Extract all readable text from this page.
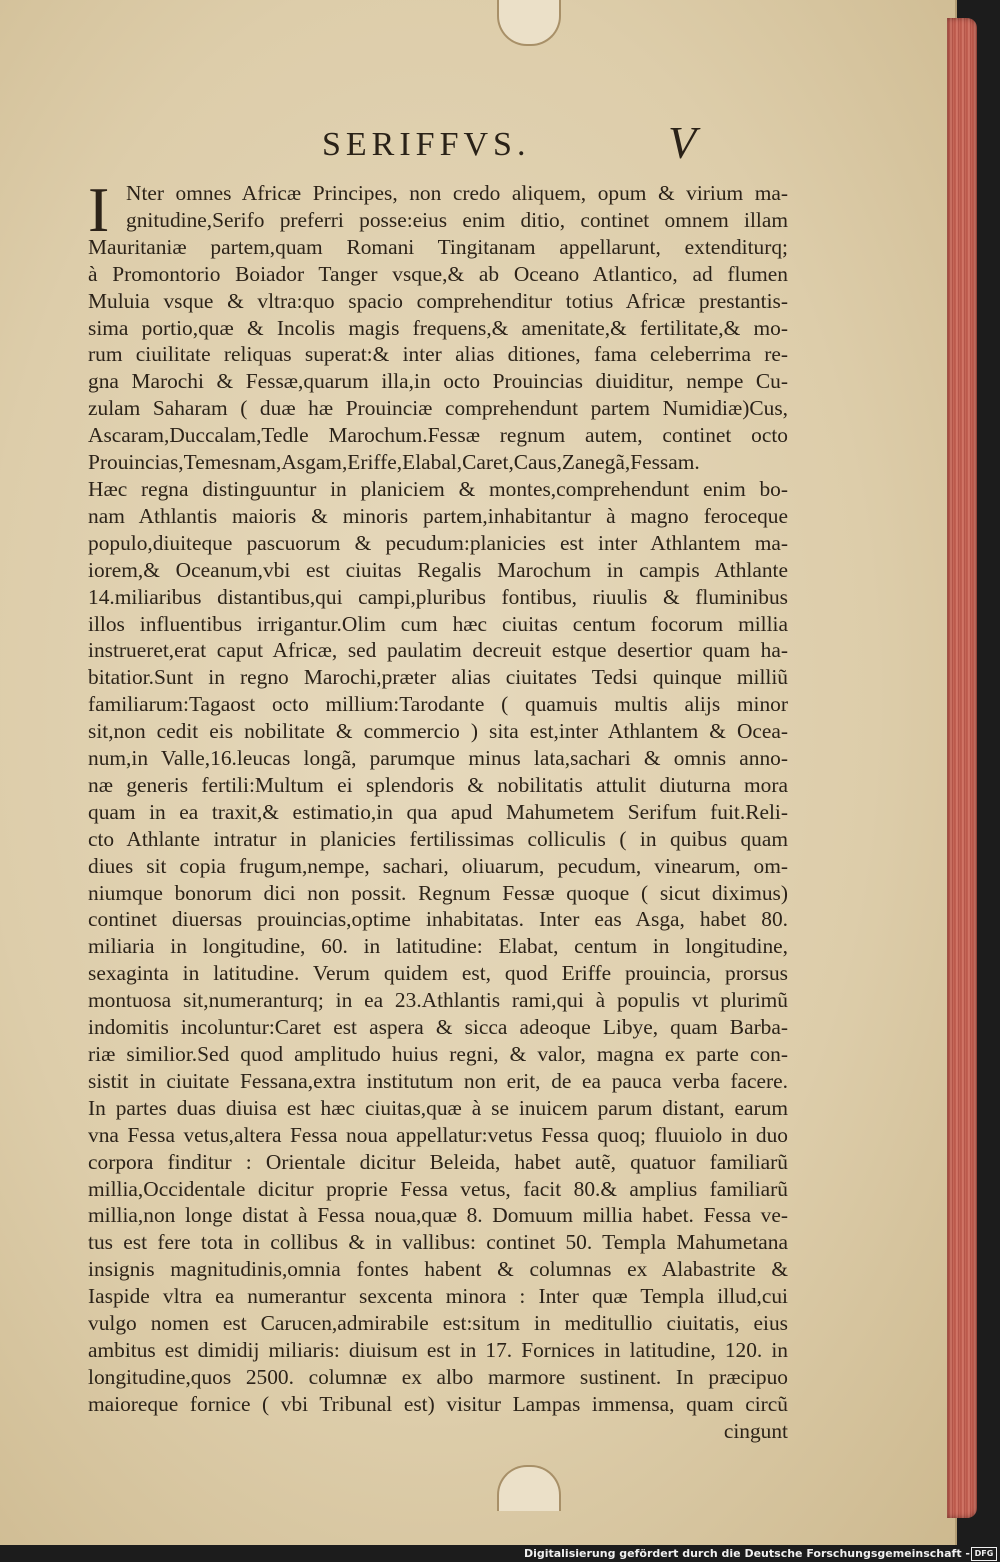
SERIFFVS.	V
I Nter omnes Africæ Principes, non credo aliquem, opum & virium ma-
gnitudine,Serifo preferri posse:eius enim ditio, continet omnem illam
Mauritaniæ partem,quam Romani Tingitanam appellarunt, extenditurq;
à Promontorio Boiador Tanger vsque,& ab Oceano Atlantico, ad flumen
Muluia vsque & vltra:quo spacio comprehenditur totius Africæ prestantis-
sima portio,quæ & Incolis magis frequens,& amenitate,& fertilitate,& mo-
rum ciuilitate reliquas superat:& inter alias ditiones, fama celeberrima re-
gna Marochi & Fessæ,quarum illa,in octo Prouincias diuiditur, nempe Cu-
zulam Saharam ( duæ hæ Prouinciæ comprehendunt partem Numidiæ)Cus,
Ascaram,Duccalam,Tedle Marochum.Fessæ regnum autem, continet octo
Prouincias,Temesnam,Asgam,Eriffe,Elabal,Caret,Caus,Zanegã,Fessam.
Hæc regna distinguuntur in planiciem & montes,comprehendunt enim bo-
nam Athlantis maioris & minoris partem,inhabitantur à magno feroceque
populo,diuiteque pascuorum & pecudum:planicies est inter Athlantem ma-
iorem,& Oceanum,vbi est ciuitas Regalis Marochum in campis Athlante
14.miliaribus distantibus,qui campi,pluribus fontibus, riuulis & fluminibus
illos influentibus irrigantur.Olim cum hæc ciuitas centum focorum millia
instrueret,erat caput Africæ, sed paulatim decreuit estque desertior quam ha-
bitatior.Sunt in regno Marochi,præter alias ciuitates Tedsi quinque milliũ
familiarum:Tagaost octo millium:Tarodante ( quamuis multis alijs minor
sit,non cedit eis nobilitate & commercio ) sita est,inter Athlantem & Ocea-
num,in Valle,16.leucas longã, parumque minus lata,sachari & omnis anno-
næ generis fertili:Multum ei splendoris & nobilitatis attulit diuturna mora
quam in ea traxit,& estimatio,in qua apud Mahumetem Serifum fuit.Reli-
cto Athlante intratur in planicies fertilissimas colliculis ( in quibus quam
diues sit copia frugum,nempe, sachari, oliuarum, pecudum, vinearum, om-
niumque bonorum dici non possit. Regnum Fessæ quoque ( sicut diximus)
continet diuersas prouincias,optime inhabitatas. Inter eas Asga, habet 80.
miliaria in longitudine, 60. in latitudine: Elabat, centum in longitudine,
sexaginta in latitudine. Verum quidem est, quod Eriffe prouincia, prorsus
montuosa sit,numeranturq; in ea 23.Athlantis rami,qui à populis vt plurimũ
indomitis incoluntur:Caret est aspera & sicca adeoque Libye, quam Barba-
riæ similior.Sed quod amplitudo huius regni, & valor, magna ex parte con-
sistit in ciuitate Fessana,extra institutum non erit, de ea pauca verba facere.
In partes duas diuisa est hæc ciuitas,quæ à se inuicem parum distant, earum
vna Fessa vetus,altera Fessa noua appellatur:vetus Fessa quoq; fluuiolo in duo
corpora finditur : Orientale dicitur Beleida, habet autẽ, quatuor familiarũ
millia,Occidentale dicitur proprie Fessa vetus, facit 80.& amplius familiarũ
millia,non longe distat à Fessa noua,quæ 8. Domuum millia habet. Fessa ve-
tus est fere tota in collibus & in vallibus: continet 50. Templa Mahumetana
insignis magnitudinis,omnia fontes habent & columnas ex Alabastrite &
Iaspide vltra ea numerantur sexcenta minora : Inter quæ Templa illud,cui
vulgo nomen est Carucen,admirabile est:situm in meditullio ciuitatis, eius
ambitus est dimidij miliaris: diuisum est in 17. Fornices in latitudine, 120. in
longitudine,quos 2500. columnæ ex albo marmore sustinent. In præcipuo
maioreque fornice ( vbi Tribunal est) visitur Lampas immensa, quam circũ
cingunt
Digitalisierung gefördert durch die Deutsche Forschungsgemeinschaft - DFG
